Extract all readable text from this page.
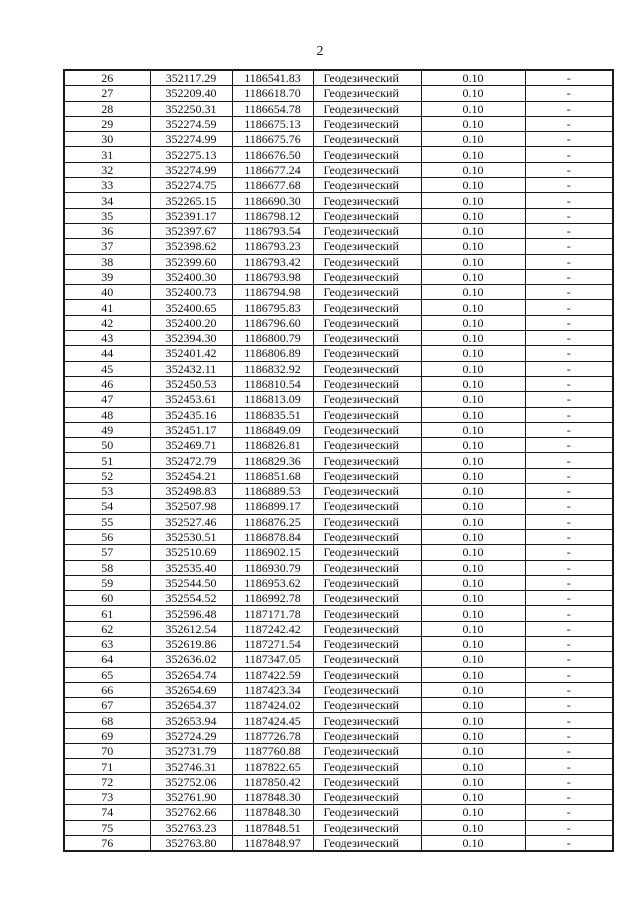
2
26	352117.29	1186541.83	Геодезический	0.10	-
27	352209.40	1186618.70	Геодезический	0.10	-
28	352250.31	1186654.78	Геодезический	0.10	-
29	352274.59	1186675.13	Геодезический	0.10	-
30	352274.99	1186675.76	Геодезический	0.10	-
31	352275.13	1186676.50	Геодезический	0.10	-
32	352274.99	1186677.24	Геодезический	0.10	-
33	352274.75	1186677.68	Геодезический	0.10	-
34	352265.15	1186690.30	Геодезический	0.10	-
35	352391.17	1186798.12	Геодезический	0.10	-
36	352397.67	1186793.54	Геодезический	0.10	-
37	352398.62	1186793.23	Геодезический	0.10	-
38	352399.60	1186793.42	Геодезический	0.10	-
39	352400.30	1186793.98	Геодезический	0.10	-
40	352400.73	1186794.98	Геодезический	0.10	-
41	352400.65	1186795.83	Геодезический	0.10	-
42	352400.20	1186796.60	Геодезический	0.10	-
43	352394.30	1186800.79	Геодезический	0.10	-
44	352401.42	1186806.89	Геодезический	0.10	-
45	352432.11	1186832.92	Геодезический	0.10	-
46	352450.53	1186810.54	Геодезический	0.10	-
47	352453.61	1186813.09	Геодезический	0.10	-
48	352435.16	1186835.51	Геодезический	0.10	-
49	352451.17	1186849.09	Геодезический	0.10	-
50	352469.71	1186826.81	Геодезический	0.10	-
51	352472.79	1186829.36	Геодезический	0.10	-
52	352454.21	1186851.68	Геодезический	0.10	-
53	352498.83	1186889.53	Геодезический	0.10	-
54	352507.98	1186899.17	Геодезический	0.10	-
55	352527.46	1186876.25	Геодезический	0.10	-
56	352530.51	1186878.84	Геодезический	0.10	-
57	352510.69	1186902.15	Геодезический	0.10	-
58	352535.40	1186930.79	Геодезический	0.10	-
59	352544.50	1186953.62	Геодезический	0.10	-
60	352554.52	1186992.78	Геодезический	0.10	-
61	352596.48	1187171.78	Геодезический	0.10	-
62	352612.54	1187242.42	Геодезический	0.10	-
63	352619.86	1187271.54	Геодезический	0.10	-
64	352636.02	1187347.05	Геодезический	0.10	-
65	352654.74	1187422.59	Геодезический	0.10	-
66	352654.69	1187423.34	Геодезический	0.10	-
67	352654.37	1187424.02	Геодезический	0.10	-
68	352653.94	1187424.45	Геодезический	0.10	-
69	352724.29	1187726.78	Геодезический	0.10	-
70	352731.79	1187760.88	Геодезический	0.10	-
71	352746.31	1187822.65	Геодезический	0.10	-
72	352752.06	1187850.42	Геодезический	0.10	-
73	352761.90	1187848.30	Геодезический	0.10	-
74	352762.66	1187848.30	Геодезический	0.10	-
75	352763.23	1187848.51	Геодезический	0.10	-
76	352763.80	1187848.97	Геодезический	0.10	-
